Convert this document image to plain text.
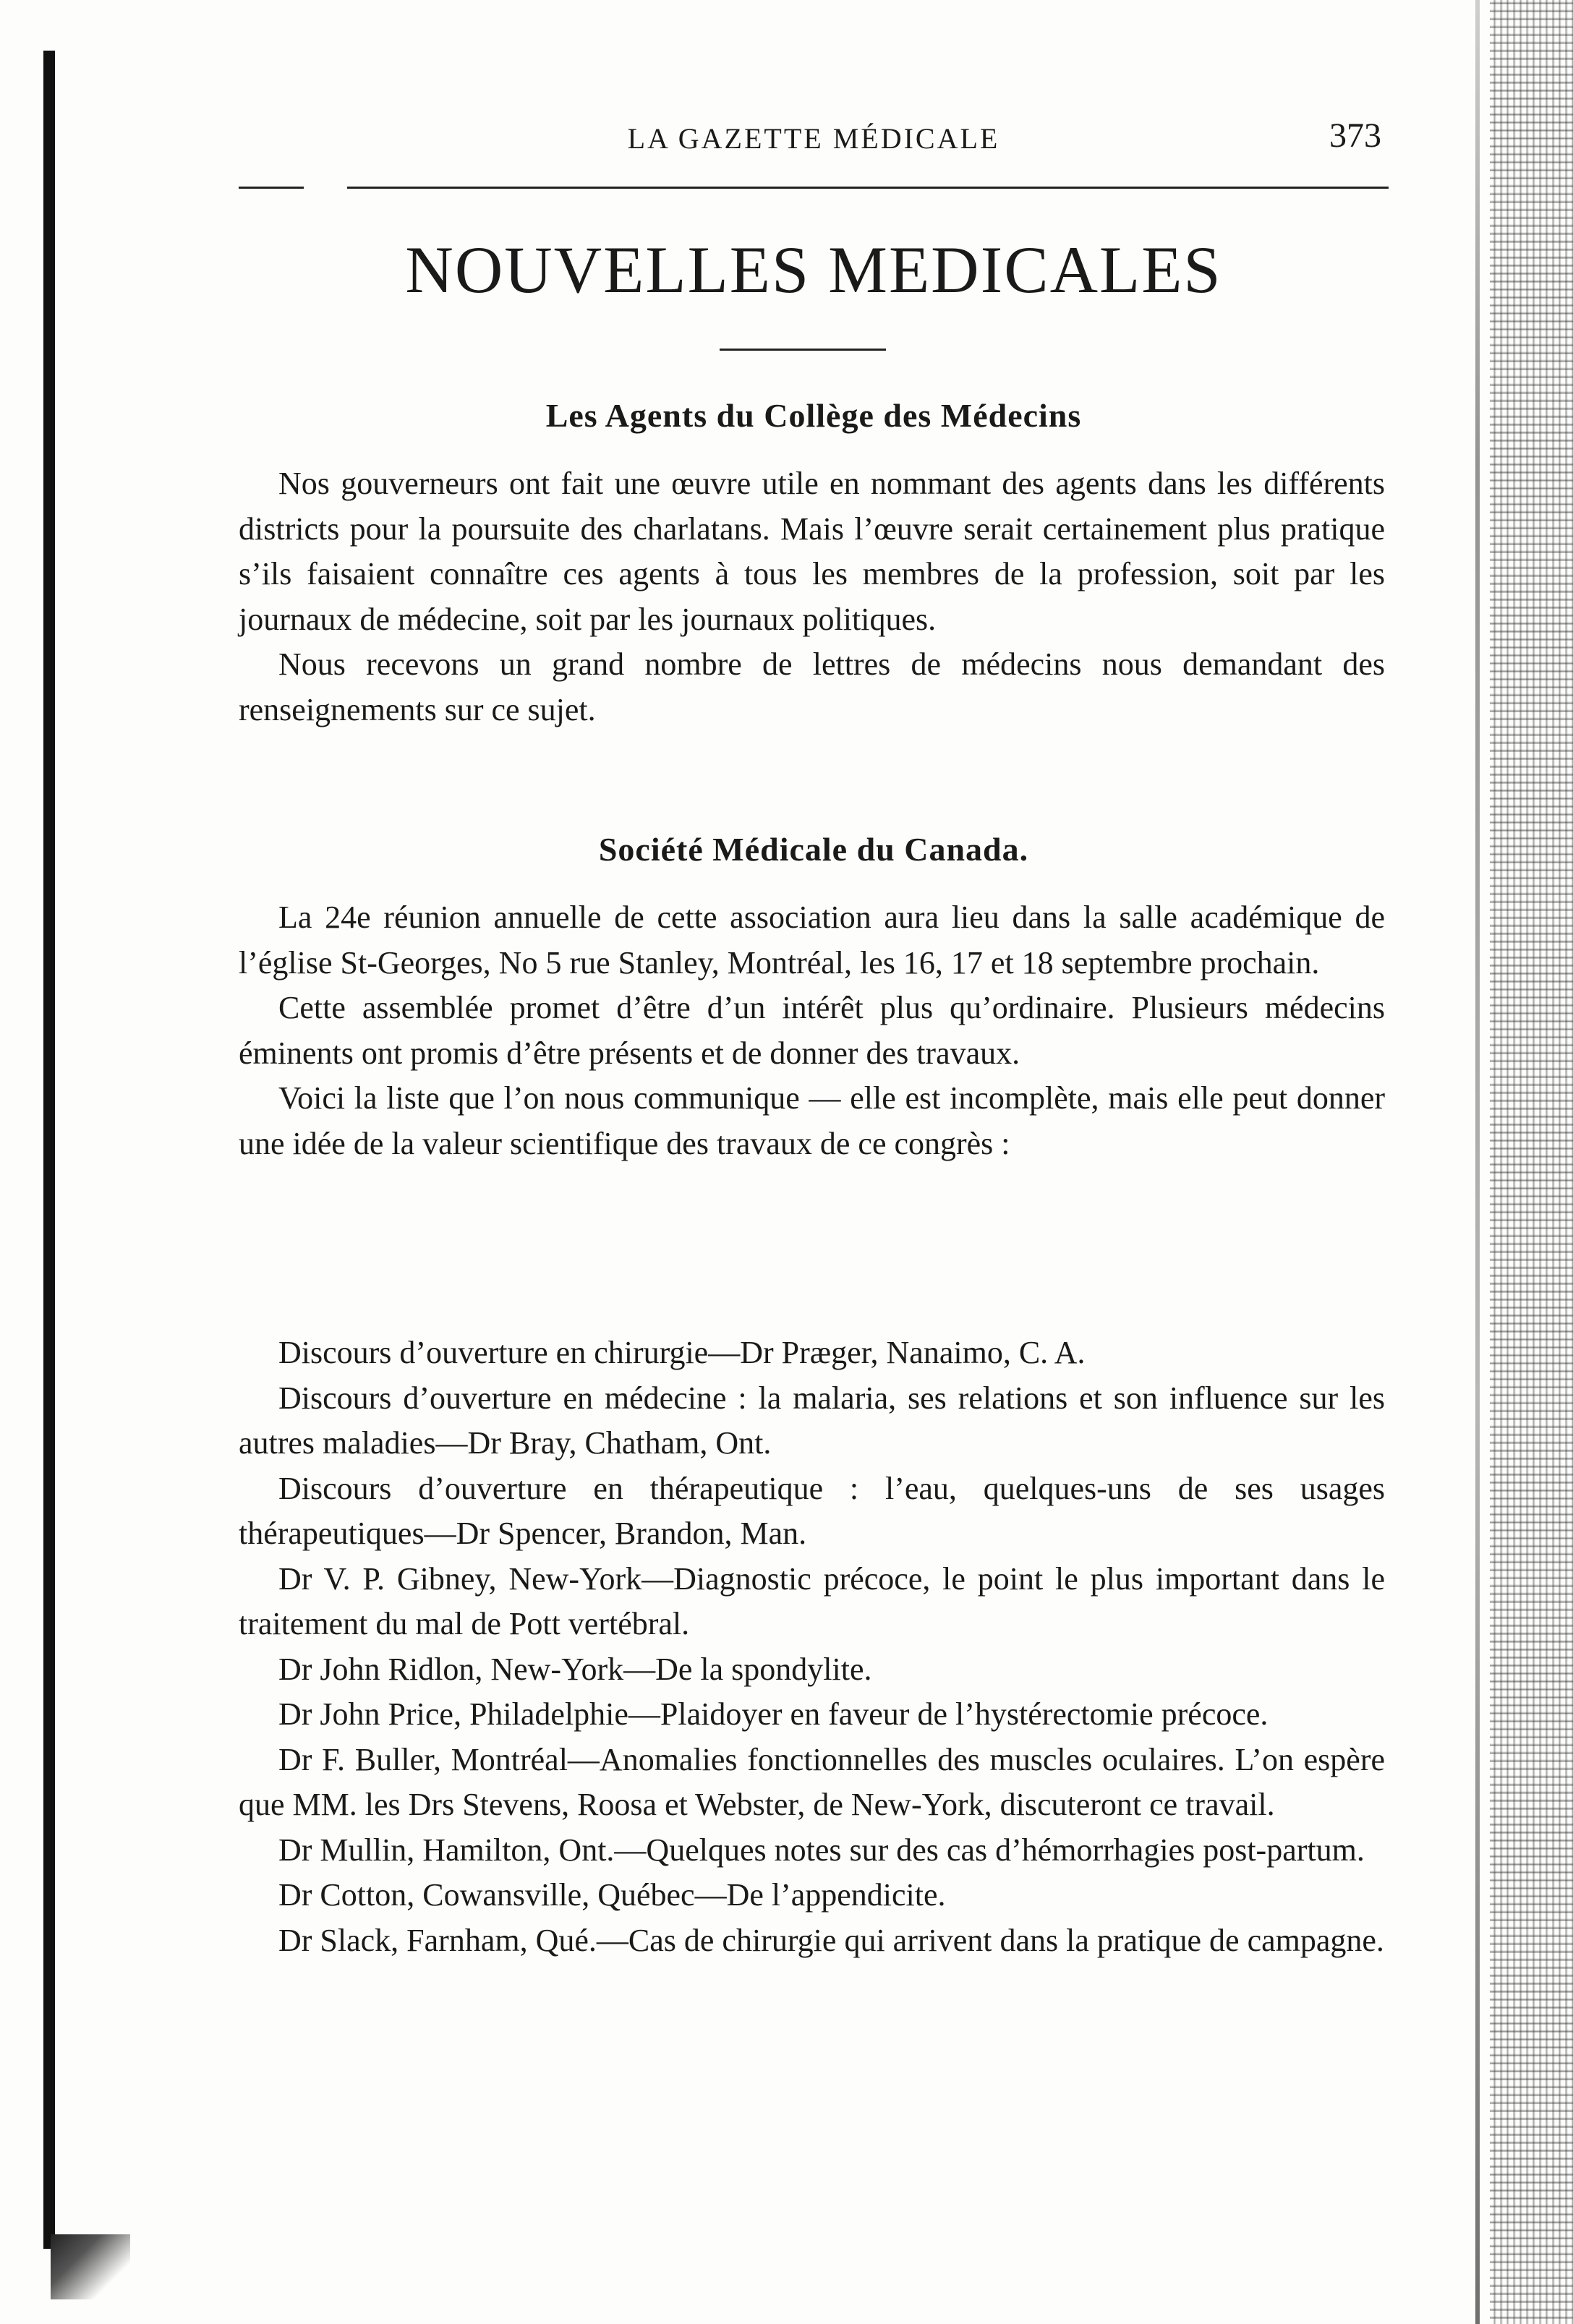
LA GAZETTE MÉDICALE	373
NOUVELLES MEDICALES
Les Agents du Collège des Médecins

Nos gouverneurs ont fait une œuvre utile en nommant des agents dans les différents districts pour la poursuite des charlatans. Mais l’œuvre serait certainement plus pratique s’ils faisaient connaître ces agents à tous les membres de la profession, soit par les journaux de médecine, soit par les journaux politiques.

Nous recevons un grand nombre de lettres de médecins nous demandant des renseignements sur ce sujet.

Société Médicale du Canada.

La 24e réunion annuelle de cette association aura lieu dans la salle académique de l’église St-Georges, No 5 rue Stanley, Montréal, les 16, 17 et 18 septembre prochain.

Cette assemblée promet d’être d’un intérêt plus qu’ordinaire. Plusieurs médecins éminents ont promis d’être présents et de donner des travaux.

Voici la liste que l’on nous communique — elle est incomplète, mais elle peut donner une idée de la valeur scientifique des travaux de ce congrès :

Discours d’ouverture en chirurgie—Dr Præger, Nanaimo, C. A.

Discours d’ouverture en médecine : la malaria, ses relations et son influence sur les autres maladies—Dr Bray, Chatham, Ont.

Discours d’ouverture en thérapeutique : l’eau, quelques-uns de ses usages thérapeutiques—Dr Spencer, Brandon, Man.

Dr V. P. Gibney, New-York—Diagnostic précoce, le point le plus important dans le traitement du mal de Pott vertébral.

Dr John Ridlon, New-York—De la spondylite.

Dr John Price, Philadelphie—Plaidoyer en faveur de l’hystérectomie précoce.

Dr F. Buller, Montréal—Anomalies fonctionnelles des muscles oculaires. L’on espère que MM. les Drs Stevens, Roosa et Webster, de New-York, discuteront ce travail.

Dr Mullin, Hamilton, Ont.—Quelques notes sur des cas d’hémorrhagies post-partum.

Dr Cotton, Cowansville, Québec—De l’appendicite.

Dr Slack, Farnham, Qué.—Cas de chirurgie qui arrivent dans la pratique de campagne.
